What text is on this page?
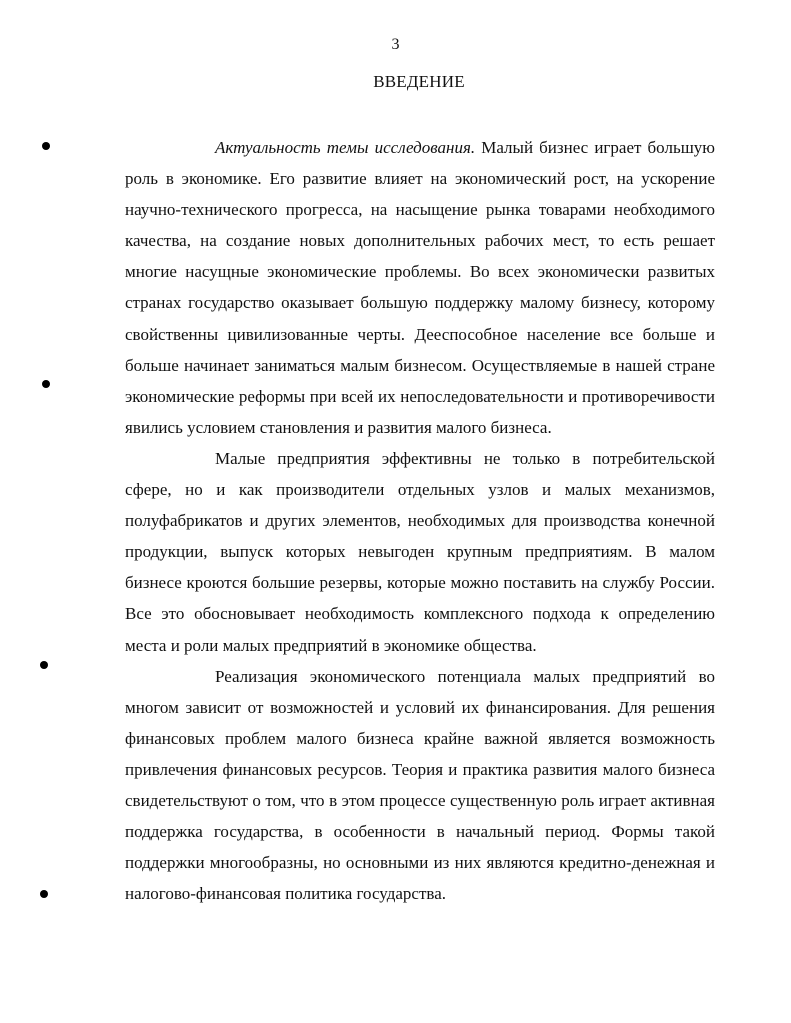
3
ВВЕДЕНИЕ

Актуальность темы исследования. Малый бизнес играет большую роль в экономике. Его развитие влияет на экономический рост, на ускорение научно-технического прогресса, на насыщение рынка товарами необходимого качества, на создание новых дополнительных рабочих мест, то есть решает многие насущные экономические проблемы. Во всех экономически развитых странах государство оказывает большую поддержку малому бизнесу, которому свойственны цивилизованные черты. Дееспособное население все больше и больше начинает заниматься малым бизнесом. Осуществляемые в нашей стране экономические реформы при всей их непоследовательности и противоречивости явились условием становления и развития малого бизнеса.

Малые предприятия эффективны не только в потребительской сфере, но и как производители отдельных узлов и малых механизмов, полуфабрикатов и других элементов, необходимых для производства конечной продукции, выпуск которых невыгоден крупным предприятиям. В малом бизнесе кроются большие резервы, которые можно поставить на службу России. Все это обосновывает необходимость комплексного подхода к определению места и роли малых предприятий в экономике общества.

Реализация экономического потенциала малых предприятий во многом зависит от возможностей и условий их финансирования. Для решения финансовых проблем малого бизнеса крайне важной является возможность привлечения финансовых ресурсов. Теория и практика развития малого бизнеса свидетельствуют о том, что в этом процессе существенную роль играет активная поддержка государства, в особенности в начальный период. Формы такой поддержки многообразны, но основными из них являются кредитно-денежная и налогово-финансовая политика государства.
